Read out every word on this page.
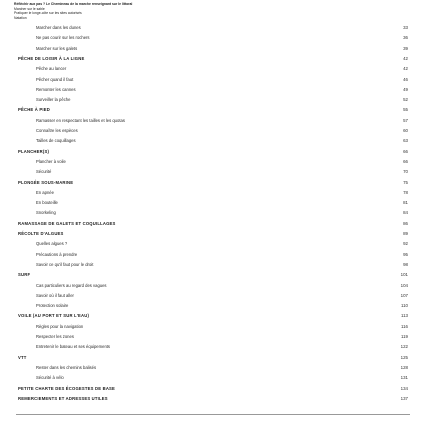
Réfléchir aux pas ? Le Chemineau de la marche renseignant sur le littoral
Marcher sur le sable
Pratiquer le longe-côte sur les sites autorisés
Natation
Marcher dans les dunes	33
Ne pas courir sur les rochers	36
Marcher sur les galets	39
PÊCHE DE LOISIR À LA LIGNE	42
Pêche au lancer	42
Pêcher quand il faut	46
Remonter les cannes	49
Surveiller la pêche	52
PÊCHE À PIED	55
Ramasser en respectant les tailles et les quotas	57
Connaître les espèces	60
Tailles de coquillages	63
PLANCHER(S)	66
Plancher à voile	66
Sécurité	70
PLONGÉE SOUS-MARINE	75
En apnée	78
En bouteille	81
Snorkeling	84
RAMASSAGE DE GALETS ET COQUILLAGES	86
RÉCOLTE D'ALGUES	89
Quelles algues ?	92
Précautions à prendre	95
Savoir ce qu'il faut pour le droit	98
SURF	101
Cas particuliers au regard des vagues	104
Savoir où il faut aller	107
Protection solaire	110
VOILE (AU PORT ET SUR L'EAU)	113
Règles pour la navigation	116
Respecter les zones	119
Entretenir le bateau et ses équipements	122
VTT	125
Rester dans les chemins balisés	128
Sécurité à vélo	131
PETITE CHARTE DES ÉCOGESTES DE BASE	134
REMERCIEMENTS ET ADRESSES UTILES	137
